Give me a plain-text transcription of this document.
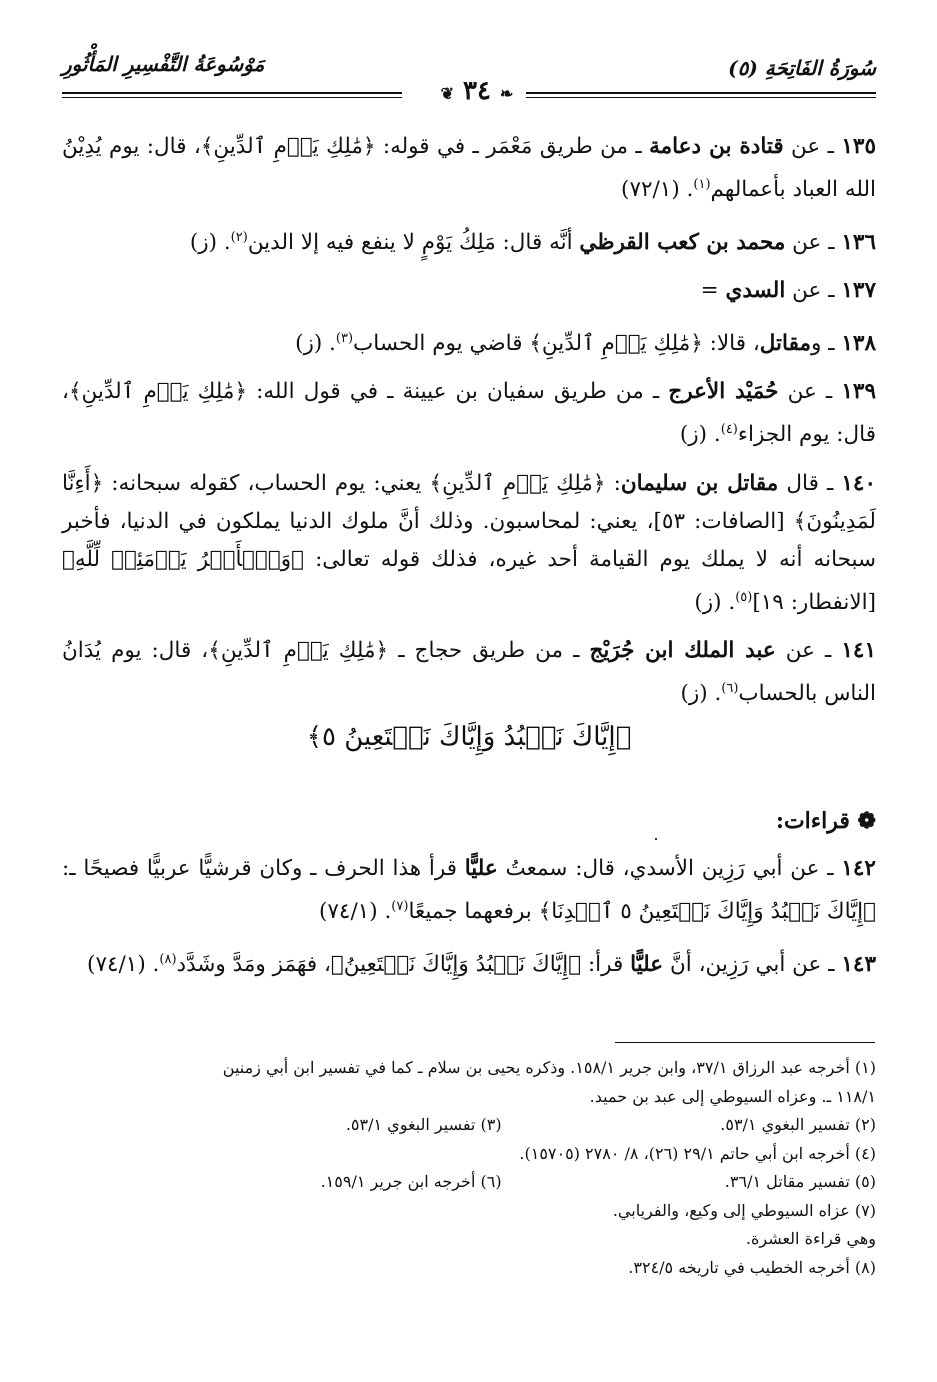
مَوْسُوعَةُ التَّفْسِيرِ المَأْثُورِ	سُورَةُ الفَاتِحَةِ (٥)
❦ ٣٤ ❧

١٣٥ ـ عن قتادة بن دعامة ـ من طريق مَعْمَر ـ في قوله: ﴿مَٰلِكِ يَوۡمِ ٱلدِّينِ﴾، قال: يوم يُدِيْنُ الله العباد بأعمالهم$^{(١)}$. (٧٢/١)

١٣٦ ـ عن محمد بن كعب القرظي أنَّه قال: مَلِكُ يَوْمٍ لا ينفع فيه إلا الدين$^{(٢)}$. (ز)

١٣٧ ـ عن السدي =

١٣٨ ـ ومقاتل، قالا: ﴿مَٰلِكِ يَوۡمِ ٱلدِّينِ﴾ قاضي يوم الحساب$^{(٣)}$. (ز)

١٣٩ ـ عن حُمَيْد الأعرج ـ من طريق سفيان بن عيينة ـ في قول الله: ﴿مَٰلِكِ يَوۡمِ ٱلدِّينِ﴾، قال: يوم الجزاء$^{(٤)}$. (ز)

١٤٠ ـ قال مقاتل بن سليمان: ﴿مَٰلِكِ يَوۡمِ ٱلدِّينِ﴾ يعني: يوم الحساب، كقوله سبحانه: ﴿أَءِنَّا لَمَدِينُونَ﴾ [الصافات: ٥٣]، يعني: لمحاسبون. وذلك أنَّ ملوك الدنيا يملكون في الدنيا، فأخبر سبحانه أنه لا يملك يوم القيامة أحد غيره، فذلك قوله تعالى: ﴿وَٱلۡأَمۡرُ يَوۡمَئِذٖ لِّلَّهِ﴾ [الانفطار: ١٩]$^{(٥)}$. (ز)

١٤١ ـ عن عبد الملك ابن جُرَيْج ـ من طريق حجاج ـ ﴿مَٰلِكِ يَوۡمِ ٱلدِّينِ﴾، قال: يوم يُدَانُ الناس بالحساب$^{(٦)}$. (ز)

﴿إِيَّاكَ نَعۡبُدُ وَإِيَّاكَ نَسۡتَعِينُ ٥﴾
❁ قراءات:

١٤٢ ـ عن أبي رَزِين الأسدي، قال: سمعتُ عليًّا قرأ هذا الحرف ـ وكان قرشيًّا عربيًّا فصيحًا ـ: ﴿إِيَّاكَ نَعۡبُدُ وَإِيَّاكَ نَسۡتَعِينُ ٥ ٱهۡدِنَا﴾ برفعهما جميعًا$^{(٧)}$. (٧٤/١)

١٤٣ ـ عن أبي رَزِين، أنَّ عليًّا قرأ: ﴿إِيَّاكَ نَعۡبُدُ وَإِيَّاكَ نَسۡتَعِينُ﴾، فهَمَز ومَدَّ وشَدَّد$^{(٨)}$. (٧٤/١)

(١) أخرجه عبد الرزاق ٣٧/١، وابن جرير ١٥٨/١. وذكره يحيى بن سلام ـ كما في تفسير ابن أبي زمنين
١١٨/١ ـ. وعزاه السيوطي إلى عبد بن حميد.
(٢) تفسير البغوي ٥٣/١.
(٣) تفسير البغوي ٥٣/١.
(٤) أخرجه ابن أبي حاتم ٢٩/١ (٢٦)، ٨/ ٢٧٨٠ (١٥٧٠٥).
(٥) تفسير مقاتل ٣٦/١.
(٦) أخرجه ابن جرير ١٥٩/١.
(٧) عزاه السيوطي إلى وكيع، والفريابي.
وهي قراءة العشرة.
(٨) أخرجه الخطيب في تاريخه ٣٢٤/٥.
